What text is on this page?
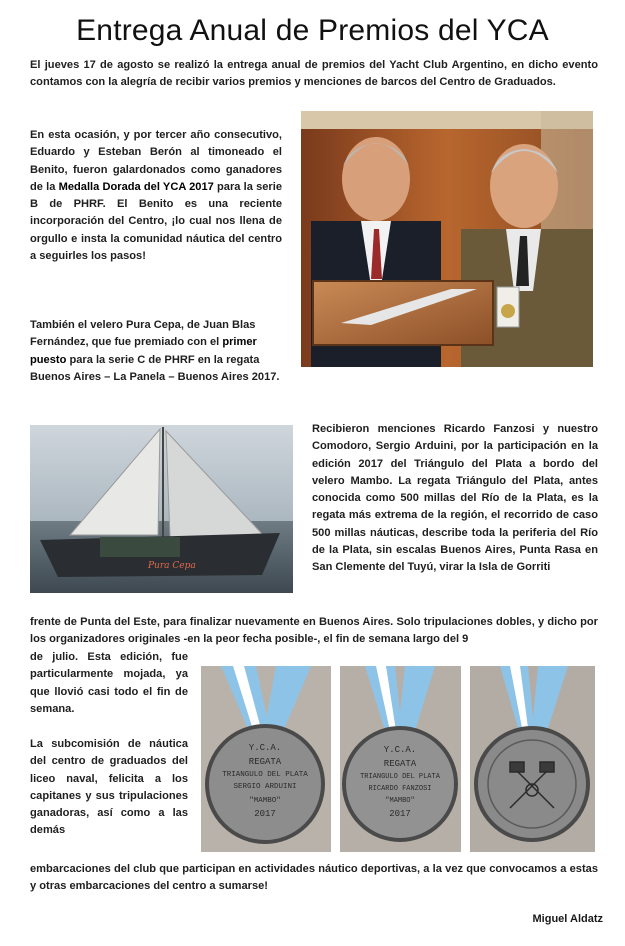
Entrega Anual de Premios del YCA

El jueves 17 de agosto se realizó la entrega anual de premios del Yacht Club Argentino, en dicho evento contamos con la alegría de recibir varios premios y menciones de barcos del Centro de Graduados.

En esta ocasión, y por tercer año consecutivo, Eduardo y Esteban Berón al timoneado el Benito, fueron galardonados como ganadores de la Medalla Dorada del YCA 2017 para la serie B de PHRF. El Benito es una reciente incorporación del Centro, ¡lo cual nos llena de orgullo e insta la comunidad náutica del centro a seguirles los pasos!

También el velero Pura Cepa, de Juan Blas Fernández, que fue premiado con el primer puesto para la serie C de PHRF en la regata Buenos Aires – La Panela – Buenos Aires 2017.

Pura Cepa

Recibieron menciones Ricardo Fanzosi y nuestro Comodoro, Sergio Arduini, por la participación en la edición 2017 del Triángulo del Plata a bordo del velero Mambo. La regata Triángulo del Plata, antes conocida como 500 millas del Río de la Plata, es la regata más extrema de la región, el recorrido de caso 500 millas náuticas, describe toda la periferia del Río de la Plata, sin escalas Buenos Aires, Punta Rasa en San Clemente del Tuyú, virar la Isla de Gorriti

frente de Punta del Este, para finalizar nuevamente en Buenos Aires. Solo tripulaciones dobles, y dicho por los organizadores originales -en la peor fecha posible-, el fin de semana largo del 9

de julio. Esta edición, fue particularmente mojada, ya que llovió casi todo el fin de semana.

La subcomisión de náutica del centro de graduados del liceo naval, felicita a los capitanes y sus tripulaciones ganadoras, así como a las demás

embarcaciones del club que participan en actividades náutico deportivas, a la vez que convocamos a estas y otras embarcaciones del centro a sumarse!

Y.C.A.
REGATA
TRIANGULO DEL PLATA
SERGIO ARDUINI
"MAMBO"
2017
Y.C.A.
REGATA
TRIANGULO DEL PLATA
RICARDO FANZOSI
"MAMBO"
2017
Miguel Aldatz
